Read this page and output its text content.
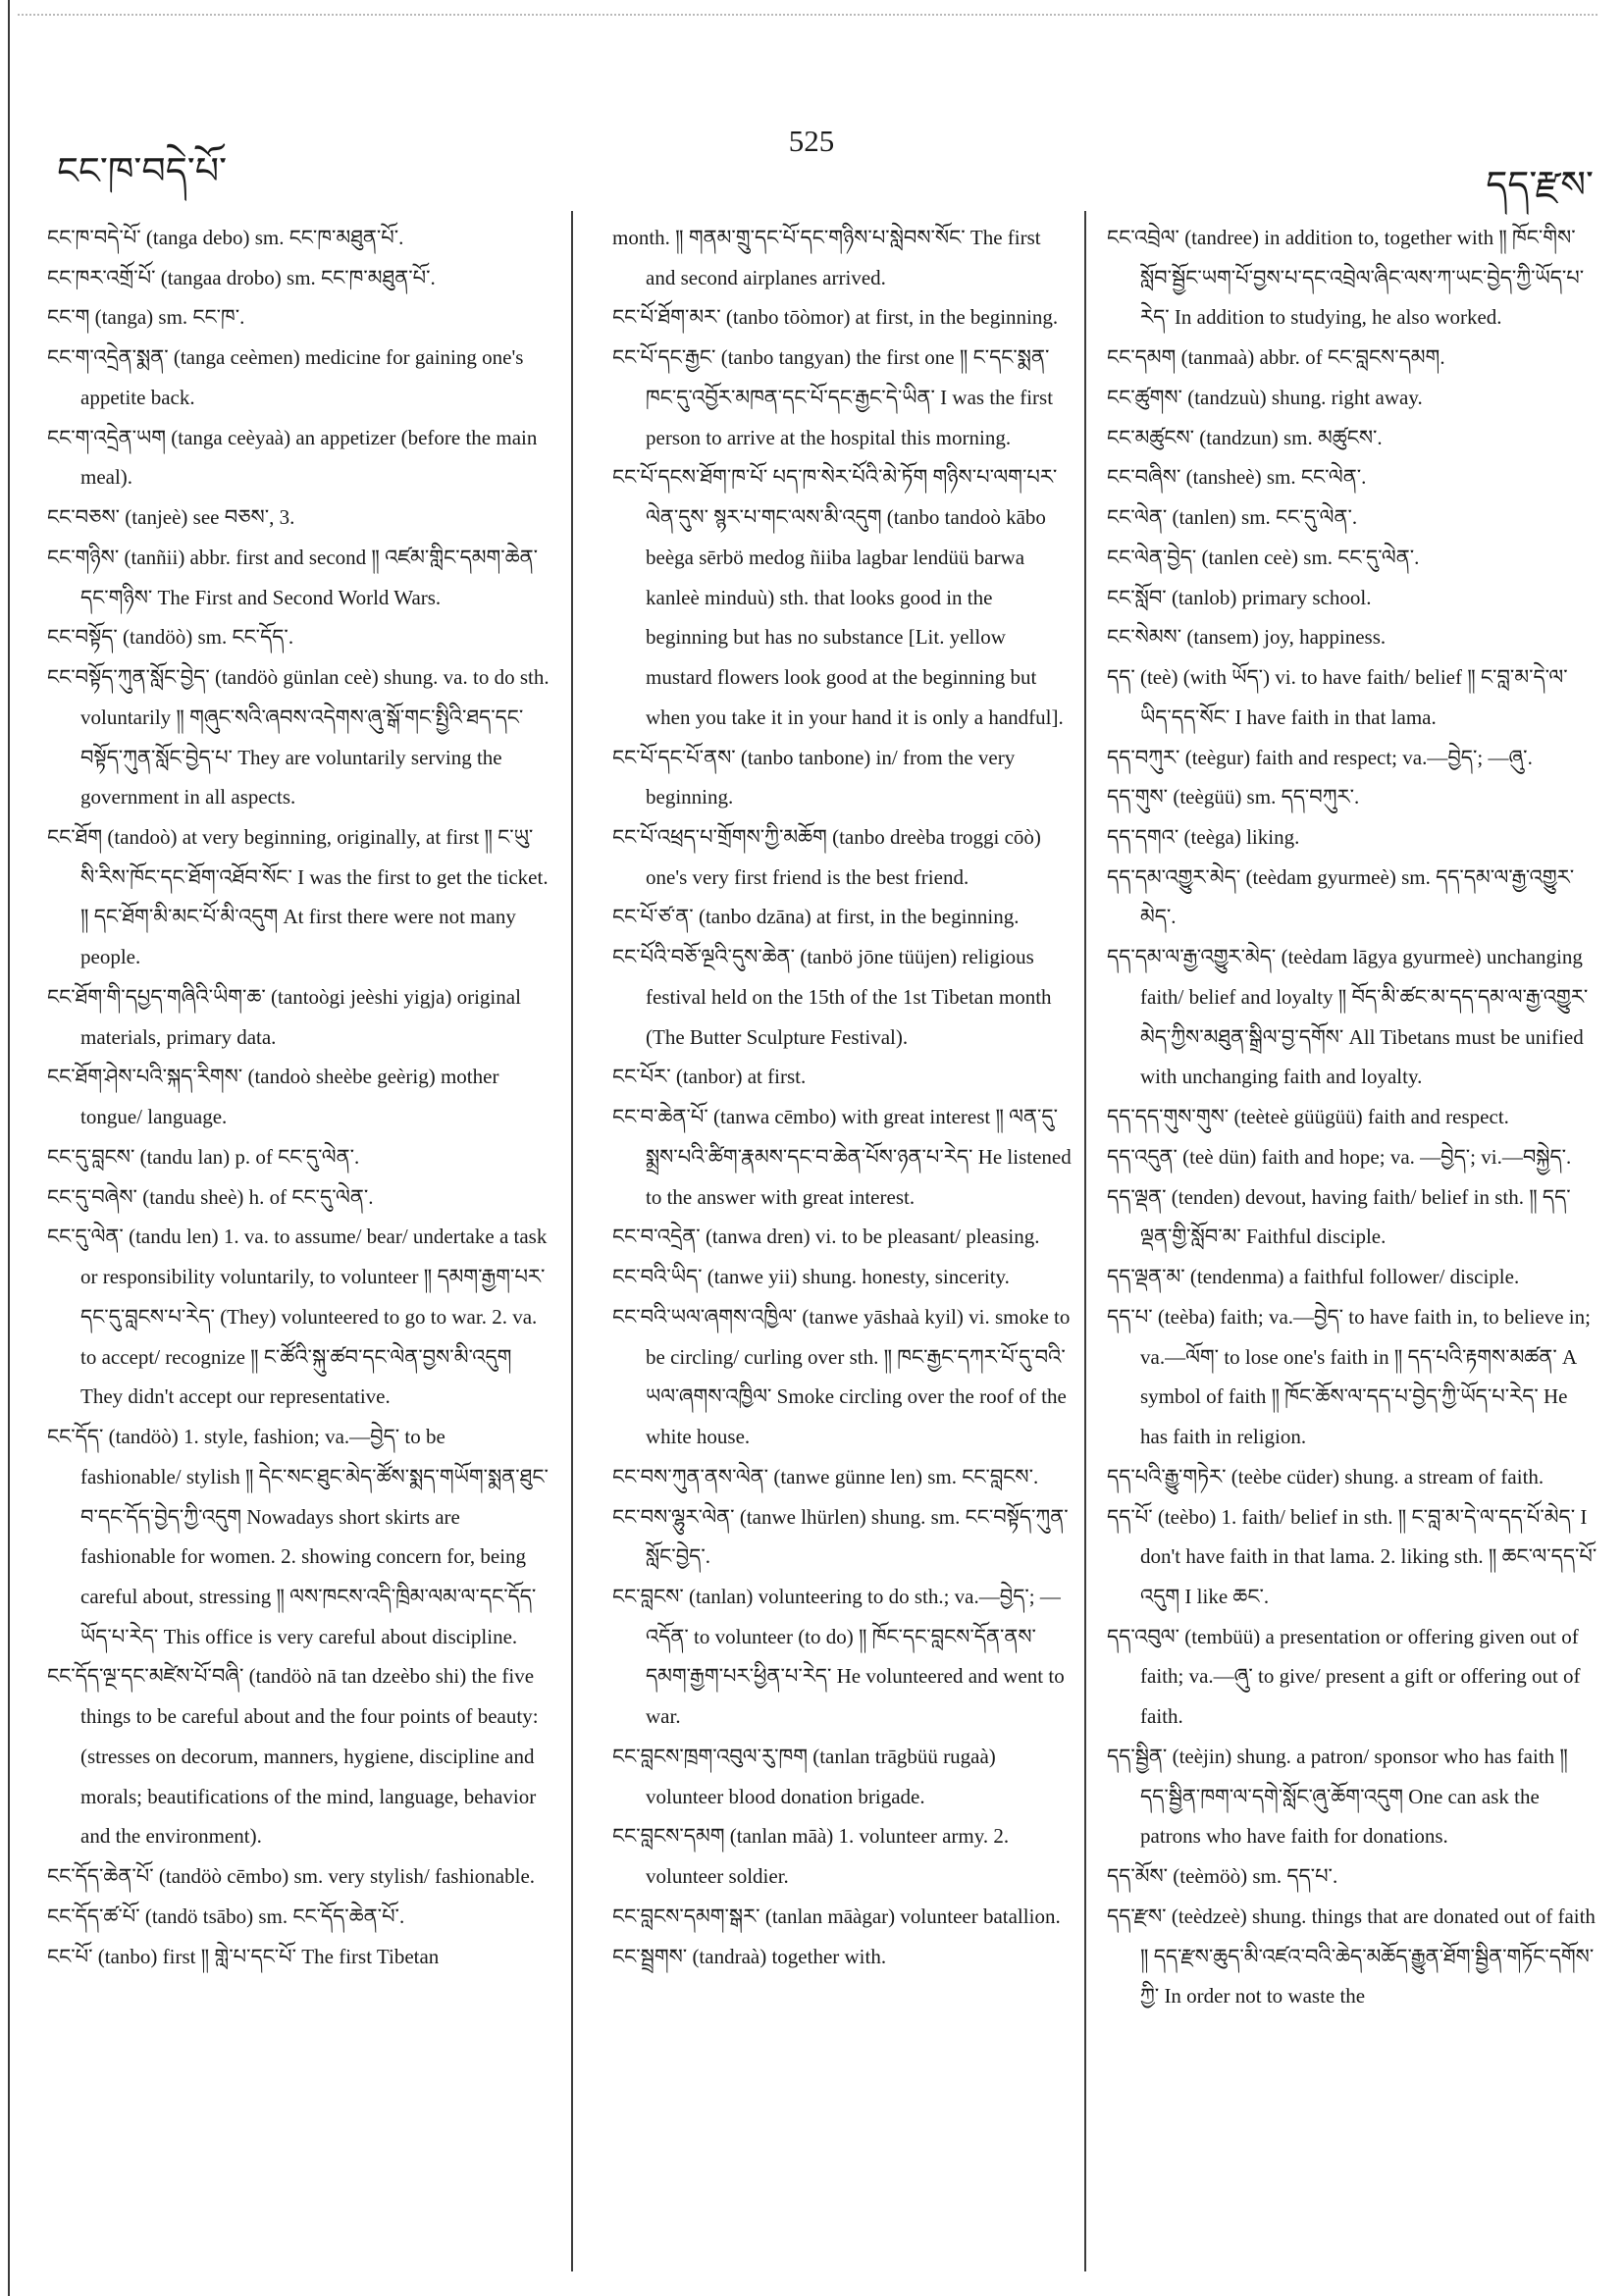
ངང་ཁ་བདེ་པོ་
525
དད་རྫས་

ངང་ཁ་བདེ་པོ་ (tanga debo) sm. ངང་ཁ་མཐུན་པོ་.

ངང་ཁར་འགྲོ་པོ་ (tangaa drobo) sm. ངང་ཁ་མཐུན་པོ་.

ངང་ག (tanga) sm. ངང་ཁ་.

ངང་ག་འདྲེན་སྨན་ (tanga ceèmen) medicine for gaining one's appetite back.

ངང་ག་འདྲེན་ཡག (tanga ceèyaà) an appetizer (before the main meal).

ངང་བཅས་ (tanjeè) see བཅས་, 3.

ངང་གཉིས་ (tanñii) abbr. first and second ༎ འཛམ་གླིང་དམག་ཆེན་དང་གཉིས་ The First and Second World Wars.

ངང་བསྟོད་ (tandöò) sm. ངང་དོད་.

ངང་བསྟོད་ཀུན་སློང་བྱེད་ (tandöò günlan ceè) shung. va. to do sth. voluntarily ༎ གཞུང་སའི་ཞབས་འདེགས་ཞུ་སྒོ་གང་སྤྱིའི་ཐད་དང་བསྟོད་ཀུན་སློང་བྱེད་པ་ They are voluntarily serving the government in all aspects.

ངང་ཐོག (tandoò) at very beginning, originally, at first ༎ ང་ཡུ་སི་རིས་ཁོང་དང་ཐོག་འཐོབ་སོང་ I was the first to get the ticket. ༎ དང་ཐོག་མི་མང་པོ་མི་འདུག At first there were not many people.

ངང་ཐོག་གི་དཔྱད་གཞིའི་ཡིག་ཆ་ (tantoògi jeèshi yigja) original materials, primary data.

ངང་ཐོག་ཤེས་པའི་སྐད་རིགས་ (tandoò sheèbe geèrig) mother tongue/ language.

ངང་དུ་བླངས་ (tandu lan) p. of ངང་དུ་ལེན་.

ངང་དུ་བཞེས་ (tandu sheè) h. of ངང་དུ་ལེན་.

ངང་དུ་ལེན་ (tandu len) 1. va. to assume/ bear/ undertake a task or responsibility voluntarily, to volunteer ༎ དམག་རྒྱག་པར་དང་དུ་བླངས་པ་རེད་ (They) volunteered to go to war. 2. va. to accept/ recognize ༎ ང་ཚོའི་སྐུ་ཚབ་དང་ལེན་བྱས་མི་འདུག They didn't accept our representative.

ངང་དོད་ (tandöò) 1. style, fashion; va.—བྱེད་ to be fashionable/ stylish ༎ དེང་སང་ཐུང་མེད་ཚོས་སྨད་གཡོག་སྨན་ཐུང་བ་དང་དོད་བྱེད་ཀྱི་འདུག Nowadays short skirts are fashionable for women. 2. showing concern for, being careful about, stressing ༎ ལས་ཁངས་འདི་ཁྲིམ་ལམ་ལ་དང་དོད་ཡོད་པ་རེད་ This office is very careful about discipline.

ངང་དོད་ལྔ་དང་མཛེས་པོ་བཞི་ (tandöò nā tan dzeèbo shi) the five things to be careful about and the four points of beauty: (stresses on decorum, manners, hygiene, discipline and morals; beautifications of the mind, language, behavior and the environment).

ངང་དོད་ཆེན་པོ་ (tandöò cēmbo) sm. very stylish/ fashionable.

ངང་དོད་ཚ་པོ་ (tandö tsābo) sm. ངང་དོད་ཆེན་པོ་.

ངང་པོ་ (tanbo) first ༎ གླེ་པ་དང་པོ་ The first Tibetan

month. ༎ གནམ་གྲུ་དང་པོ་དང་གཉིས་པ་སླེབས་སོང་ The first and second airplanes arrived.

ངང་པོ་ཐོག་མར་ (tanbo tōòmor) at first, in the beginning.

ངང་པོ་དང་རྒྱང་ (tanbo tangyan) the first one ༎ ང་དང་སྨན་ཁང་དུ་འབྱོར་མཁན་དང་པོ་དང་རྒྱང་དེ་ཡིན་ I was the first person to arrive at the hospital this morning.

ངང་པོ་དངས་ཐོག་ཁ་པོ་ པད་ཁ་སེར་པོའི་མེ་ཏོག གཉིས་པ་ལག་པར་ལེན་དུས་ སྙར་པ་གང་ལས་མི་འདུག (tanbo tandoò kābo beèga sērbö medog ñiiba lagbar lendüü barwa kanleè minduù) sth. that looks good in the beginning but has no substance [Lit. yellow mustard flowers look good at the beginning but when you take it in your hand it is only a handful].

ངང་པོ་དང་པོ་ནས་ (tanbo tanbone) in/ from the very beginning.

ངང་པོ་འཕྲད་པ་གྲོགས་ཀྱི་མཆོག (tanbo dreèba troggi cōò) one's very first friend is the best friend.

ངང་པོ་ཙ་ན་ (tanbo dzāna) at first, in the beginning.

ངང་པོའི་བཅོ་ལྔའི་དུས་ཆེན་ (tanbö jōne tüüjen) religious festival held on the 15th of the 1st Tibetan month (The Butter Sculpture Festival).

ངང་པོར་ (tanbor) at first.

ངང་བ་ཆེན་པོ་ (tanwa cēmbo) with great interest ༎ ལན་དུ་སྨྲས་པའི་ཚིག་རྣམས་དང་བ་ཆེན་པོས་ཉན་པ་རེད་ He listened to the answer with great interest.

ངང་བ་འདྲེན་ (tanwa dren) vi. to be pleasant/ pleasing.

ངང་བའི་ཡིད་ (tanwe yii) shung. honesty, sincerity.

ངང་བའི་ཡལ་ཞགས་འཁྱིལ་ (tanwe yāshaà kyil) vi. smoke to be circling/ curling over sth. ༎ ཁང་རྒྱང་དཀར་པོ་དུ་བའི་ཡལ་ཞགས་འཁྱིལ་ Smoke circling over the roof of the white house.

ངང་བས་ཀུན་ནས་ལེན་ (tanwe günne len) sm. ངང་བླངས་.

ངང་བས་ལྷུར་ལེན་ (tanwe lhürlen) shung. sm. ངང་བསྟོད་ཀུན་སློང་བྱེད་.

ངང་བླངས་ (tanlan) volunteering to do sth.; va.—བྱེད་; —འདོན་ to volunteer (to do) ༎ ཁོང་དང་བླངས་དོན་ནས་དམག་རྒྱག་པར་ཕྱིན་པ་རེད་ He volunteered and went to war.

ངང་བླངས་ཁྲག་འབུལ་རུ་ཁག (tanlan trāgbüü rugaà) volunteer blood donation brigade.

ངང་བླངས་དམག (tanlan māà) 1. volunteer army. 2. volunteer soldier.

ངང་བླངས་དམག་སྒར་ (tanlan māàgar) volunteer batallion.

ངང་སྦྲགས་ (tandraà) together with.

ངང་འབྲེལ་ (tandree) in addition to, together with ༎ ཁོང་གིས་སློབ་སྦྱོང་ཡག་པོ་བྱས་པ་དང་འབྲེལ་ཞིང་ལས་ཀ་ཡང་བྱེད་ཀྱི་ཡོད་པ་རེད་ In addition to studying, he also worked.

ངང་དམག (tanmaà) abbr. of ངང་བླངས་དམག.

ངང་ཚུགས་ (tandzuù) shung. right away.

ངང་མཚུངས་ (tandzun) sm. མཚུངས་.

ངང་བཞིས་ (tansheè) sm. ངང་ལེན་.

ངང་ལེན་ (tanlen) sm. ངང་དུ་ལེན་.

ངང་ལེན་བྱེད་ (tanlen ceè) sm. ངང་དུ་ལེན་.

ངང་སློབ་ (tanlob) primary school.

ངང་སེམས་ (tansem) joy, happiness.

དད་ (teè) (with ཡོད་) vi. to have faith/ belief ༎ ང་བླ་མ་དེ་ལ་ཡིད་དད་སོང་ I have faith in that lama.

དད་བཀུར་ (teègur) faith and respect; va.—བྱེད་; —ཞུ་.

དད་གུས་ (teègüü) sm. དད་བཀུར་.

དད་དགའ་ (teèga) liking.

དད་དམ་འགྱུར་མེད་ (teèdam gyurmeè) sm. དད་དམ་ལ་རྒྱ་འགྱུར་མེད་.

དད་དམ་ལ་རྒྱ་འགྱུར་མེད་ (teèdam lāgya gyurmeè) unchanging faith/ belief and loyalty ༎ བོད་མི་ཚང་མ་དད་དམ་ལ་རྒྱ་འགྱུར་མེད་ཀྱིས་མཐུན་སྒྲིལ་བྱ་དགོས་ All Tibetans must be unified with unchanging faith and loyalty.

དད་དད་གུས་གུས་ (teèteè güügüü) faith and respect.

དད་འདུན་ (teè dün) faith and hope; va. —བྱེད་; vi.—བསྐྱེད་.

དད་ལྡན་ (tenden) devout, having faith/ belief in sth. ༎ དད་ལྡན་གྱི་སློབ་མ་ Faithful disciple.

དད་ལྡན་མ་ (tendenma) a faithful follower/ disciple.

དད་པ་ (teèba) faith; va.—བྱེད་ to have faith in, to believe in; va.—ལོག་ to lose one's faith in ༎ དད་པའི་རྟགས་མཚན་ A symbol of faith ༎ ཁོང་ཆོས་ལ་དད་པ་བྱེད་ཀྱི་ཡོད་པ་རེད་ He has faith in religion.

དད་པའི་རྒྱུ་གཏེར་ (teèbe cüder) shung. a stream of faith.

དད་པོ་ (teèbo) 1. faith/ belief in sth. ༎ ང་བླ་མ་དེ་ལ་དད་པོ་མེད་ I don't have faith in that lama. 2. liking sth. ༎ ཆང་ལ་དད་པོ་འདུག I like ཆང་.

དད་འབུལ་ (tembüü) a presentation or offering given out of faith; va.—ཞུ་ to give/ present a gift or offering out of faith.

དད་སྦྱིན་ (teèjin) shung. a patron/ sponsor who has faith ༎ དད་སྦྱིན་ཁག་ལ་དགེ་སློང་ཞུ་ཆོག་འདུག One can ask the patrons who have faith for donations.

དད་མོས་ (teèmöò) sm. དད་པ་.

དད་རྫས་ (teèdzeè) shung. things that are donated out of faith ༎ དད་རྫས་ཆུད་མི་འཛའ་བའི་ཆེད་མཆོད་རྒྱུན་ཐོག་སྦྱིན་གཏོང་དགོས་ཀྱི་ In order not to waste the
